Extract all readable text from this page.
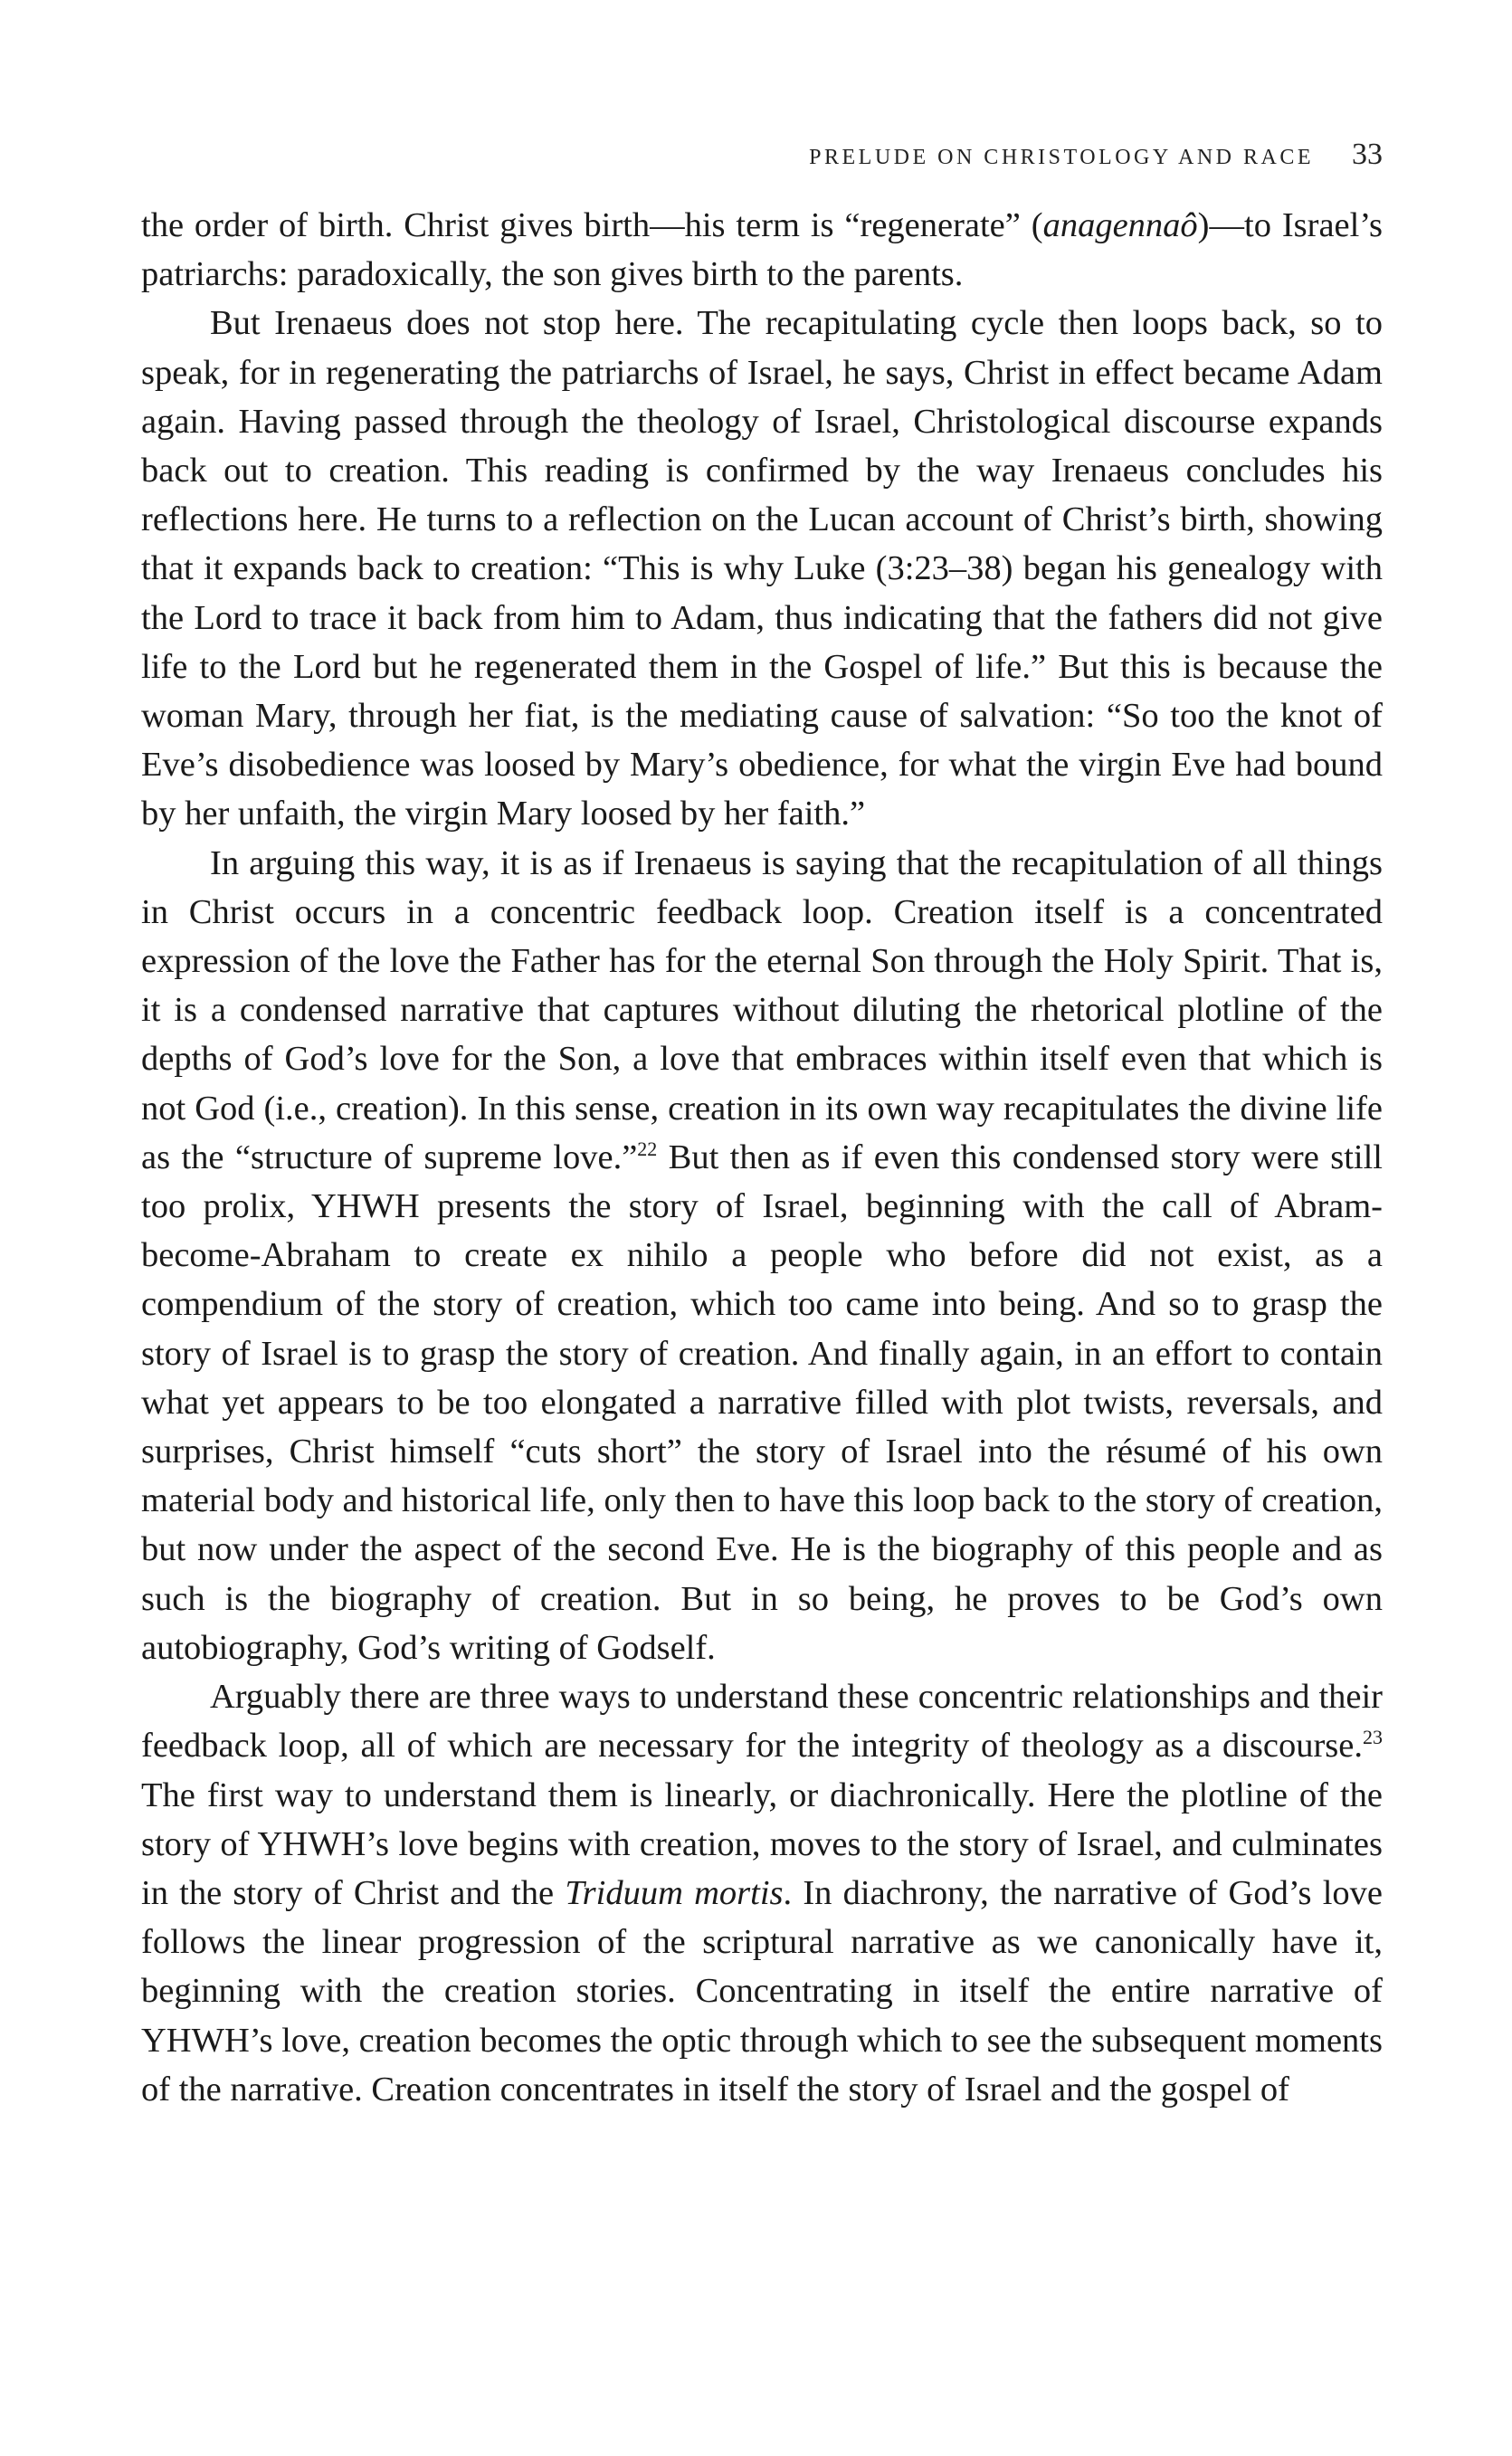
PRELUDE ON CHRISTOLOGY AND RACE 33

the order of birth. Christ gives birth—his term is “regenerate” (anagennaô)—to Israel’s patriarchs: paradoxically, the son gives birth to the parents.

But Irenaeus does not stop here. The recapitulating cycle then loops back, so to speak, for in regenerating the patriarchs of Israel, he says, Christ in effect became Adam again. Having passed through the theology of Israel, Christological discourse expands back out to creation. This reading is confirmed by the way Irenaeus concludes his reflections here. He turns to a reflection on the Lucan account of Christ’s birth, showing that it expands back to creation: “This is why Luke (3:23–38) began his genealogy with the Lord to trace it back from him to Adam, thus indicating that the fathers did not give life to the Lord but he regenerated them in the Gospel of life.” But this is because the woman Mary, through her fiat, is the mediating cause of salvation: “So too the knot of Eve’s disobedience was loosed by Mary’s obedience, for what the virgin Eve had bound by her unfaith, the virgin Mary loosed by her faith.”

In arguing this way, it is as if Irenaeus is saying that the recapitulation of all things in Christ occurs in a concentric feedback loop. Creation itself is a concentrated expression of the love the Father has for the eternal Son through the Holy Spirit. That is, it is a condensed narrative that captures without diluting the rhetorical plotline of the depths of God’s love for the Son, a love that embraces within itself even that which is not God (i.e., creation). In this sense, creation in its own way recapitulates the divine life as the “structure of supreme love.”$^{22}$ But then as if even this condensed story were still too prolix, YHWH presents the story of Israel, beginning with the call of Abram-become-Abraham to create ex nihilo a people who before did not exist, as a compendium of the story of creation, which too came into being. And so to grasp the story of Israel is to grasp the story of creation. And finally again, in an effort to contain what yet appears to be too elongated a narrative filled with plot twists, reversals, and surprises, Christ himself “cuts short” the story of Israel into the résumé of his own material body and historical life, only then to have this loop back to the story of creation, but now under the aspect of the second Eve. He is the biography of this people and as such is the biography of creation. But in so being, he proves to be God’s own autobiography, God’s writing of Godself.

Arguably there are three ways to understand these concentric relationships and their feedback loop, all of which are necessary for the integrity of theology as a discourse.$^{23}$ The first way to understand them is linearly, or diachronically. Here the plotline of the story of YHWH’s love begins with creation, moves to the story of Israel, and culminates in the story of Christ and the Triduum mortis. In diachrony, the narrative of God’s love follows the linear progression of the scriptural narrative as we canonically have it, beginning with the creation stories. Concentrating in itself the entire narrative of YHWH’s love, creation becomes the optic through which to see the subsequent moments of the narrative. Creation concentrates in itself the story of Israel and the gospel of
